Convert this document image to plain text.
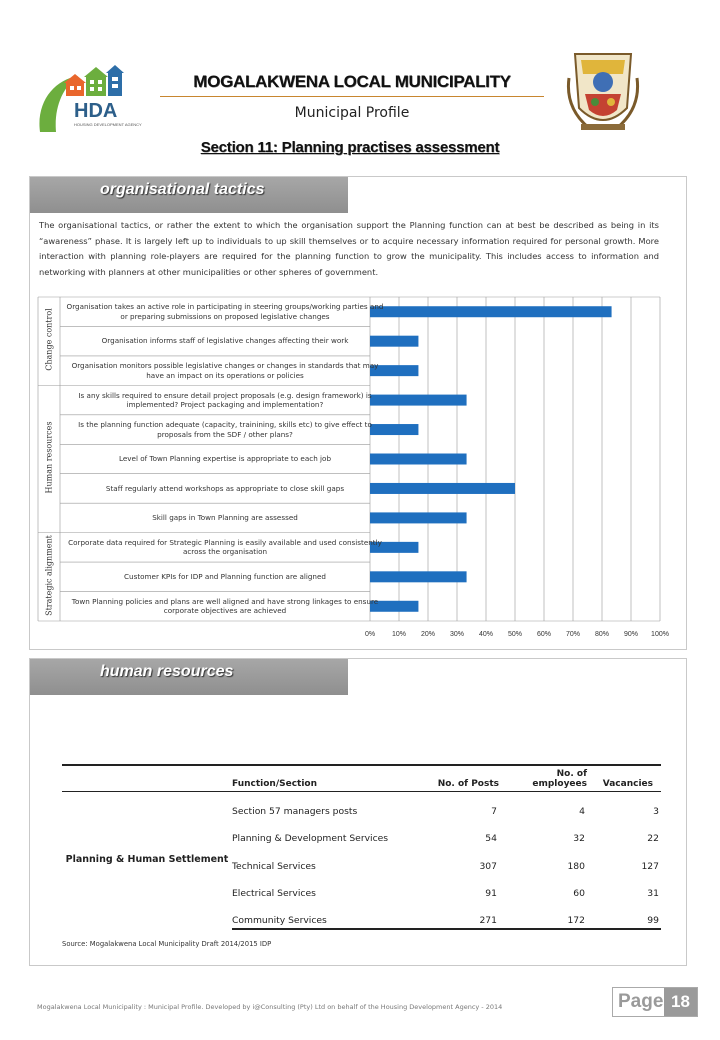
HDA
HOUSING DEVELOPMENT AGENCY
MOGALAKWENA LOCAL MUNICIPALITY
Municipal Profile
Section 11: Planning practises assessment
organisational tactics
The organisational tactics, or rather the extent to which the organisation support the Planning function can at best be described as being in its “awareness” phase. It is largely left up to individuals to up skill themselves or to acquire necessary information required for personal growth. More interaction with planning role-players are required for the planning function to grow the municipality. This includes access to information and networking with planners at other municipalities or other spheres of government.
Organisation takes an active role in participating in steering groups/working parties and or preparing submissions on proposed legislative changes
Organisation informs staff of legislative changes affecting their work
Organisation monitors possible legislative changes or changes in standards that may have an impact on its operations or policies
Is any skills required to ensure detail project proposals (e.g. design framework) is implemented? Project packaging and implementation?
Is the planning function adequate (capacity, trainining, skills etc) to give effect to proposals from the SDF / other plans?
Level of Town Planning expertise is appropriate to each job
Staff regularly attend workshops as appropriate to close skill gaps
Skill gaps in Town Planning are assessed
Corporate data required for Strategic Planning is easily available and used consistently across the organisation
Customer KPIs for IDP and Planning function are aligned
Town Planning policies and plans are well aligned and have strong linkages to ensure corporate objectives are achieved
Change control
Human resources
Strategic alignment
0%	10%	20%	30%	40%	50%	60%	70%	80%	90%	100%
human resources
	Function/Section	No. of Posts	No. of employees	Vacancies
Planning & Human Settlement	Section 57 managers posts	7	4	3
	Planning & Development Services	54	32	22
	Technical Services	307	180	127
	Electrical Services	91	60	31
	Community Services	271	172	99
Source: Mogalakwena Local Municipality Draft 2014/2015 IDP
Mogalakwena Local Municipality : Municipal Profile. Developed by i@Consulting (Pty) Ltd on behalf of the Housing Development Agency - 2014	Page 18
